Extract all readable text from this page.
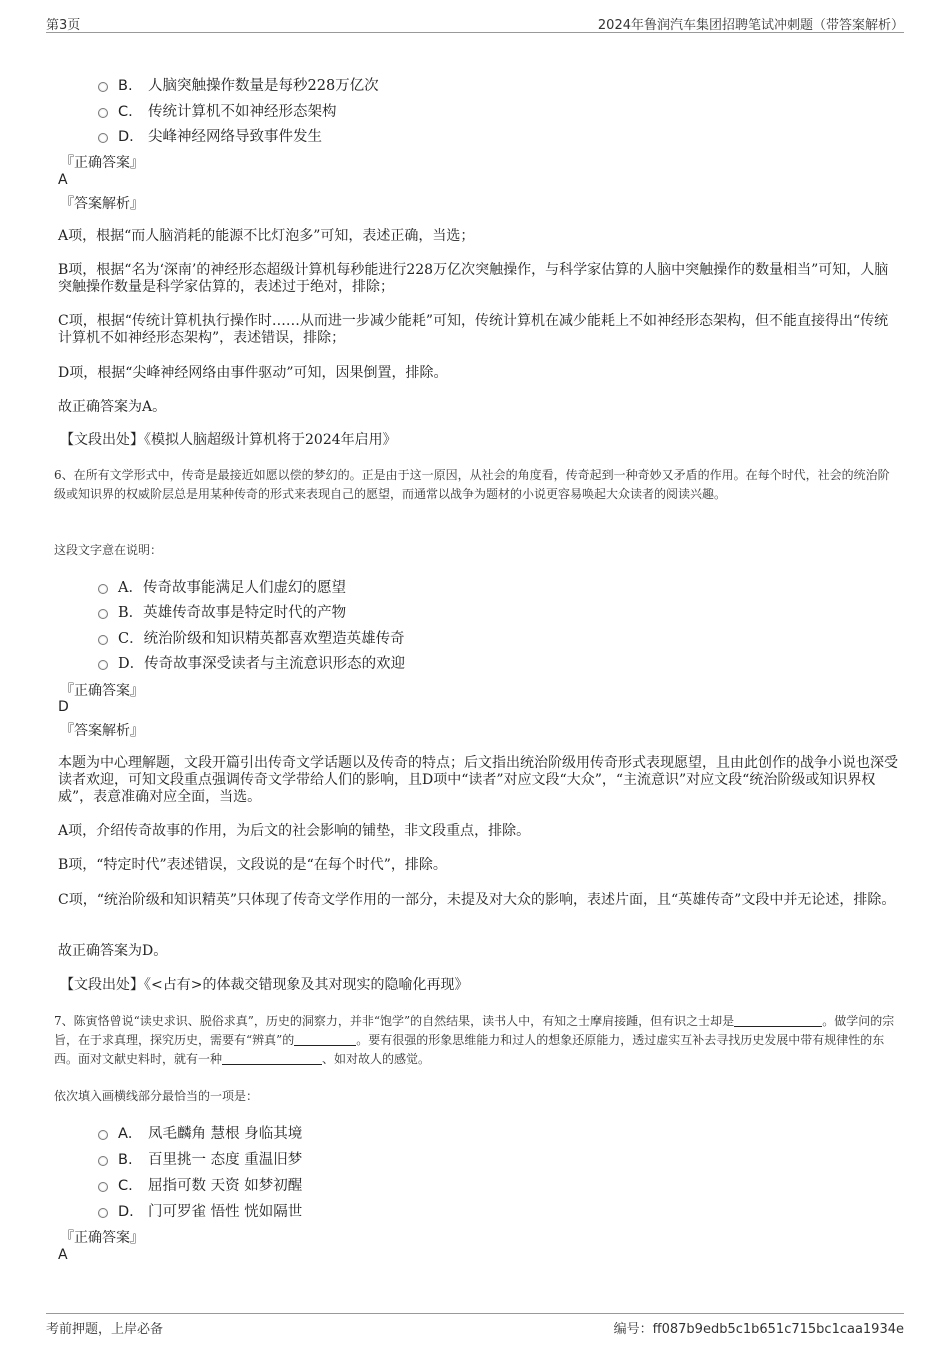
第3页	2024年鲁润汽车集团招聘笔试冲刺题（带答案解析）
B. 人脑突触操作数量是每秒228万亿次
C. 传统计算机不如神经形态架构
D. 尖峰神经网络导致事件发生
『正确答案』
A
『答案解析』
A项，根据“而人脑消耗的能源不比灯泡多”可知，表述正确，当选；
B项，根据“名为‘深南’的神经形态超级计算机每秒能进行228万亿次突触操作，与科学家估算的人脑中突触操作的数量相当”可知，人脑突触操作数量是科学家估算的，表述过于绝对，排除；
C项，根据“传统计算机执行操作时……从而进一步减少能耗”可知，传统计算机在减少能耗上不如神经形态架构，但不能直接得出“传统计算机不如神经形态架构”，表述错误，排除；
D项，根据“尖峰神经网络由事件驱动”可知，因果倒置，排除。
故正确答案为A。
【文段出处】《模拟人脑超级计算机将于2024年启用》
6、在所有文学形式中，传奇是最接近如愿以偿的梦幻的。正是由于这一原因，从社会的角度看，传奇起到一种奇妙又矛盾的作用。在每个时代，社会的统治阶级或知识界的权威阶层总是用某种传奇的形式来表现自己的愿望，而通常以战争为题材的小说更容易唤起大众读者的阅读兴趣。
这段文字意在说明：
A．传奇故事能满足人们虚幻的愿望
B．英雄传奇故事是特定时代的产物
C．统治阶级和知识精英都喜欢塑造英雄传奇
D．传奇故事深受读者与主流意识形态的欢迎
『正确答案』
D
『答案解析』
本题为中心理解题，文段开篇引出传奇文学话题以及传奇的特点；后文指出统治阶级用传奇形式表现愿望，且由此创作的战争小说也深受读者欢迎，可知文段重点强调传奇文学带给人们的影响，且D项中“读者”对应文段“大众”，“主流意识”对应文段“统治阶级或知识界权威”，表意准确对应全面，当选。
A项，介绍传奇故事的作用，为后文的社会影响的铺垫，非文段重点，排除。
B项，“特定时代”表述错误，文段说的是“在每个时代”，排除。
C项，“统治阶级和知识精英”只体现了传奇文学作用的一部分，未提及对大众的影响，表述片面，且“英雄传奇”文段中并无论述，排除。
故正确答案为D。
【文段出处】《<占有>的体裁交错现象及其对现实的隐喻化再现》
7、陈寅恪曾说“读史求识、脱俗求真”，历史的洞察力，并非“饱学”的自然结果，读书人中，有知之士摩肩接踵，但有识之士却是	。做学问的宗旨，在于求真理，探究历史，需要有“辨真”的	。要有很强的形象思维能力和过人的想象还原能力，透过虚实互补去寻找历史发展中带有规律性的东西。面对文献史料时，就有一种	、如对故人的感觉。
依次填入画横线部分最恰当的一项是：
A． 凤毛麟角 慧根 身临其境
B. 百里挑一 态度 重温旧梦
C. 屈指可数 天资 如梦初醒
D. 门可罗雀 悟性 恍如隔世
『正确答案』
A
考前押题，上岸必备	编号：ff087b9edb5c1b651c715bc1caa1934e
